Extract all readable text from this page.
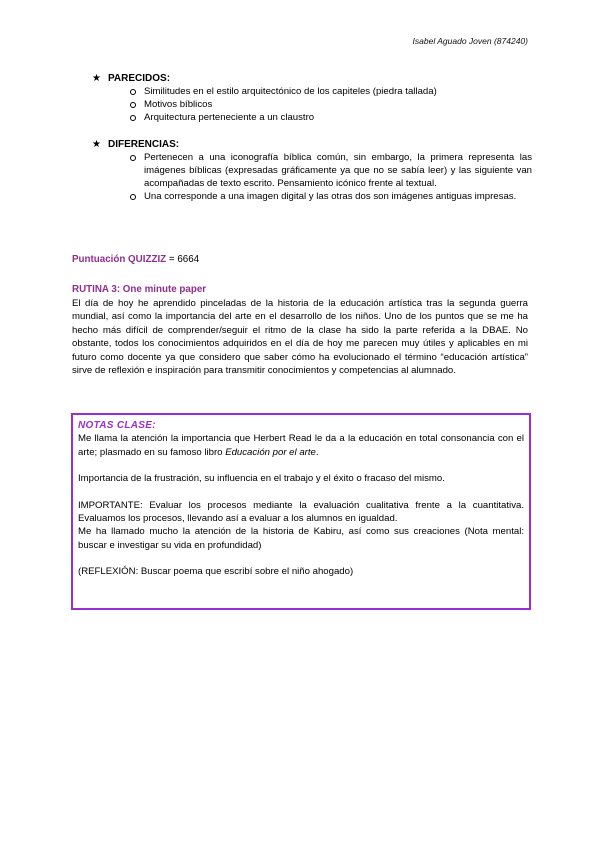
Isabel Aguado Joven (874240)
★ PARECIDOS:
Similitudes en el estilo arquitectónico de los capiteles (piedra tallada)
Motivos bíblicos
Arquitectura perteneciente a un claustro
★ DIFERENCIAS:
Pertenecen a una iconografía bíblica común, sin embargo, la primera representa las imágenes bíblicas (expresadas gráficamente ya que no se sabía leer) y las siguiente van acompañadas de texto escrito. Pensamiento icónico frente al textual.
Una corresponde a una imagen digital y las otras dos son imágenes antiguas impresas.
Puntuación QUIZZIZ = 6664
RUTINA 3: One minute paper
El día de hoy he aprendido pinceladas de la historia de la educación artística tras la segunda guerra mundial, así como la importancia del arte en el desarrollo de los niños. Uno de los puntos que se me ha hecho más difícil de comprender/seguir el ritmo de la clase ha sido la parte referida a la DBAE. No obstante, todos los conocimientos adquiridos en el día de hoy me parecen muy útiles y aplicables en mi futuro como docente ya que considero que saber cómo ha evolucionado el término “educación artística” sirve de reflexión e inspiración para transmitir conocimientos y competencias al alumnado.
NOTAS CLASE:

Me llama la atención la importancia que Herbert Read le da a la educación en total consonancia con el arte; plasmado en su famoso libro Educación por el arte.

Importancia de la frustración, su influencia en el trabajo y el éxito o fracaso del mismo.

IMPORTANTE: Evaluar los procesos mediante la evaluación cualitativa frente a la cuantitativa. Evaluamos los procesos, llevando así a evaluar a los alumnos en igualdad.

Me ha llamado mucho la atención de la historia de Kabiru, así como sus creaciones (Nota mental: buscar e investigar su vida en profundidad)

(REFLEXIÓN: Buscar poema que escribí sobre el niño ahogado)
